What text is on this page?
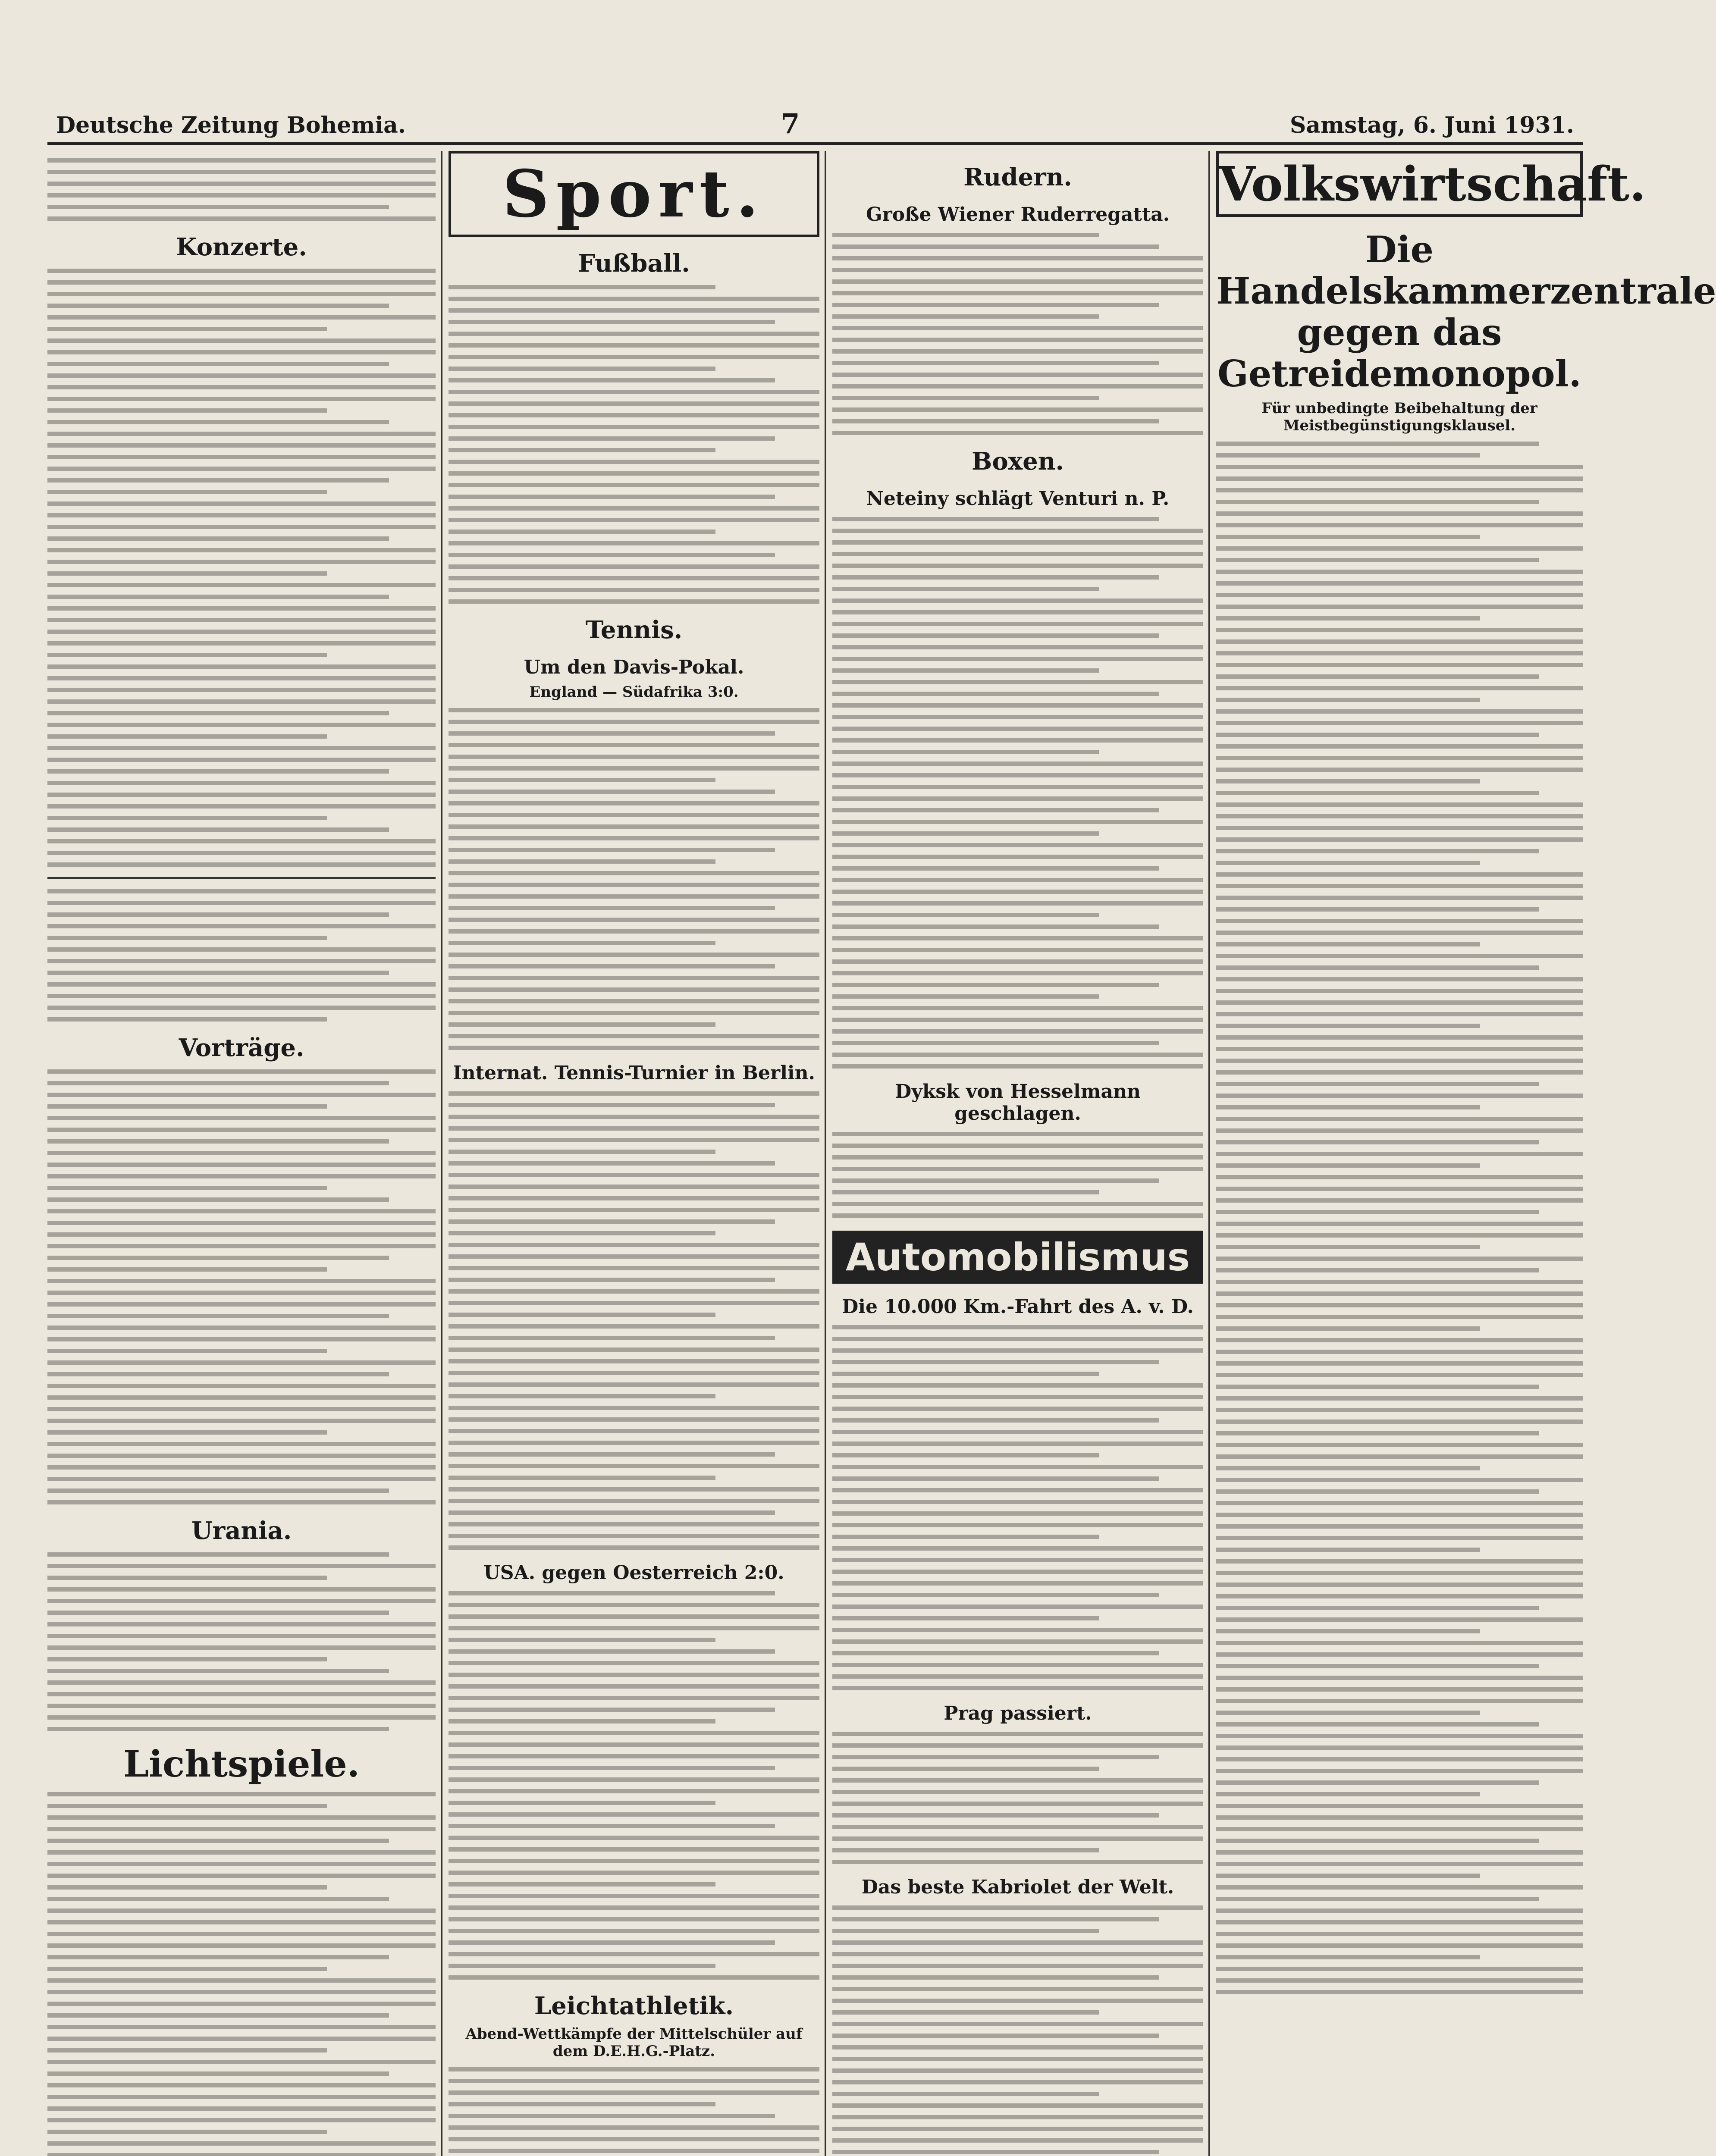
Deutsche Zeitung Bohemia.	7	Samstag, 6. Juni 1931.
Konzerte.
Vorträge.
Urania.
Lichtspiele.
Sport.
Fußball.
Tennis.
Um den Davis-Pokal.
England — Südafrika 3:0.
Internat. Tennis-Turnier in Berlin.
USA. gegen Oesterreich 2:0.
Leichtathletik.
Abend-Wettkämpfe der Mittelschüler auf dem D.E.H.G.-Platz.
Rudern.
Große Wiener Ruderregatta.
Boxen.
Neteiny schlägt Venturi n. P.
Dyksk von Hesselmann geschlagen.
Automobilismus
Die 10.000 Km.-Fahrt des A. v. D.
Prag passiert.
Das beste Kabriolet der Welt.
Volkswirtschaft.
Die Handelskammerzentrale gegen das Getreidemonopol.
Für unbedingte Beibehaltung der Meistbegünstigungsklausel.
